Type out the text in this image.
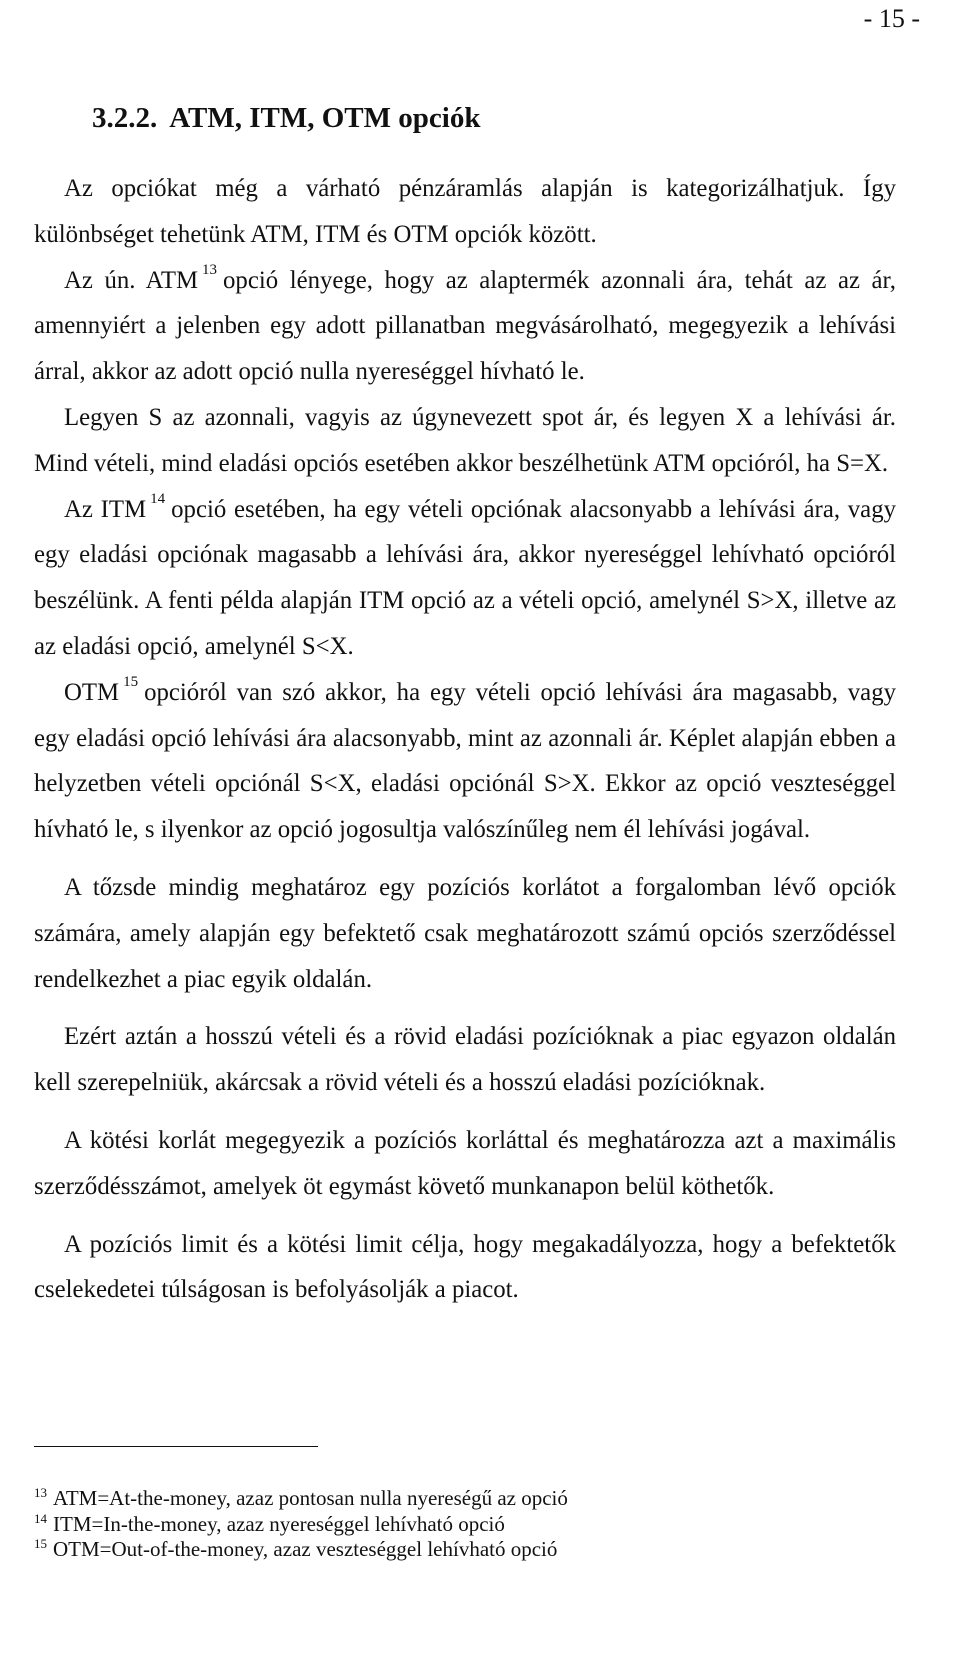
- 15 -
3.2.2. ATM, ITM, OTM opciók

Az opciókat még a várható pénzáramlás alapján is kategorizálhatjuk. Így különbséget tehetünk ATM, ITM és OTM opciók között.

Az ún. ATM $^{13}$ opció lényege, hogy az alaptermék azonnali ára, tehát az az ár, amennyiért a jelenben egy adott pillanatban megvásárolható, megegyezik a lehívási árral, akkor az adott opció nulla nyereséggel hívható le.

Legyen S az azonnali, vagyis az úgynevezett spot ár, és legyen X a lehívási ár. Mind vételi, mind eladási opciós esetében akkor beszélhetünk ATM opcióról, ha S=X.

Az ITM $^{14}$ opció esetében, ha egy vételi opciónak alacsonyabb a lehívási ára, vagy egy eladási opciónak magasabb a lehívási ára, akkor nyereséggel lehívható opcióról beszélünk. A fenti példa alapján ITM opció az a vételi opció, amelynél S>X, illetve az az eladási opció, amelynél S<X.

OTM $^{15}$ opcióról van szó akkor, ha egy vételi opció lehívási ára magasabb, vagy egy eladási opció lehívási ára alacsonyabb, mint az azonnali ár. Képlet alapján ebben a helyzetben vételi opciónál S<X, eladási opciónál S>X. Ekkor az opció veszteséggel hívható le, s ilyenkor az opció jogosultja valószínűleg nem él lehívási jogával.

A tőzsde mindig meghatároz egy pozíciós korlátot a forgalomban lévő opciók számára, amely alapján egy befektető csak meghatározott számú opciós szerződéssel rendelkezhet a piac egyik oldalán.

Ezért aztán a hosszú vételi és a rövid eladási pozícióknak a piac egyazon oldalán kell szerepelniük, akárcsak a rövid vételi és a hosszú eladási pozícióknak.

A kötési korlát megegyezik a pozíciós korláttal és meghatározza azt a maximális szerződésszámot, amelyek öt egymást követő munkanapon belül köthetők.

A pozíciós limit és a kötési limit célja, hogy megakadályozza, hogy a befektetők cselekedetei túlságosan is befolyásolják a piacot.

$^{13}$ ATM=At-the-money, azaz pontosan nulla nyereségű az opció
$^{14}$ ITM=In-the-money, azaz nyereséggel lehívható opció
$^{15}$ OTM=Out-of-the-money, azaz veszteséggel lehívható opció
